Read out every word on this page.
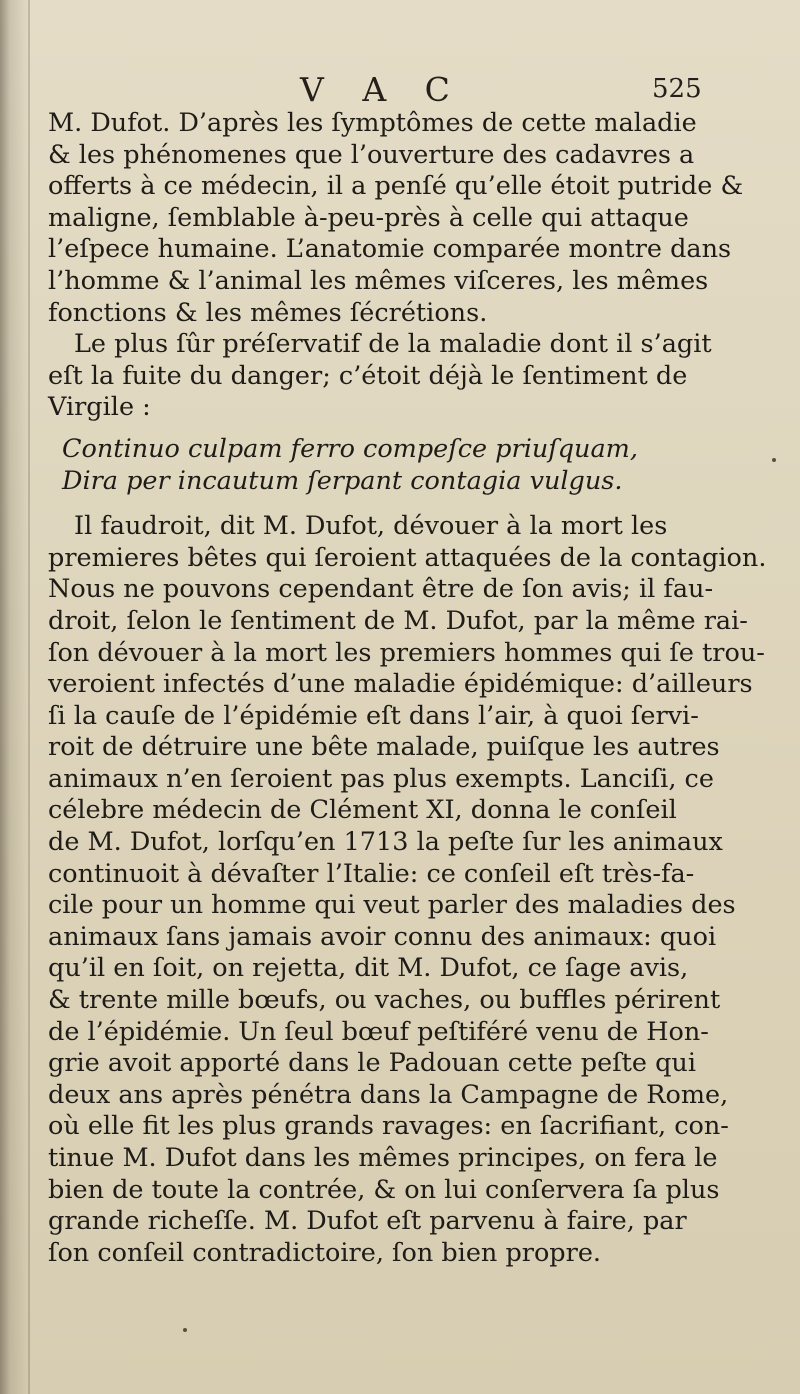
V A C	525
M. Dufot. D’après les ſymptômes de cette maladie
& les phénomenes que l’ouverture des cadavres a
offerts à ce médecin, il a penſé qu’elle étoit putride &
maligne, ſemblable à-peu-près à celle qui attaque
l’eſpece humaine. L’anatomie comparée montre dans
l’homme & l’animal les mêmes viſceres, les mêmes
fonctions & les mêmes ſécrétions.
Le plus ſûr préſervatif de la maladie dont il s’agit
eſt la fuite du danger; c’étoit déjà le ſentiment de
Virgile :
Continuo culpam ferro compeſce priuſquam,
Dira per incautum ſerpant contagia vulgus.
Il faudroit, dit M. Dufot, dévouer à la mort les
premieres bêtes qui ſeroient attaquées de la contagion.
Nous ne pouvons cependant être de ſon avis; il fau-
droit, ſelon le ſentiment de M. Dufot, par la même rai-
ſon dévouer à la mort les premiers hommes qui ſe trou-
veroient infectés d’une maladie épidémique: d’ailleurs
ſi la cauſe de l’épidémie eſt dans l’air, à quoi ſervi-
roit de détruire une bête malade, puiſque les autres
animaux n’en ſeroient pas plus exempts. Lanciſi, ce
célebre médecin de Clément XI, donna le conſeil
de M. Dufot, lorſqu’en 1713 la peſte ſur les animaux
continuoit à dévaſter l’Italie: ce conſeil eſt très-fa-
cile pour un homme qui veut parler des maladies des
animaux ſans jamais avoir connu des animaux: quoi
qu’il en ſoit, on rejetta, dit M. Dufot, ce ſage avis,
& trente mille bœufs, ou vaches, ou buffles périrent
de l’épidémie. Un ſeul bœuf peſtiféré venu de Hon-
grie avoit apporté dans le Padouan cette peſte qui
deux ans après pénétra dans la Campagne de Rome,
où elle fit les plus grands ravages: en ſacrifiant, con-
tinue M. Dufot dans les mêmes principes, on fera le
bien de toute la contrée, & on lui conſervera ſa plus
grande richeſſe. M. Dufot eſt parvenu à faire, par
ſon conſeil contradictoire, ſon bien propre.
